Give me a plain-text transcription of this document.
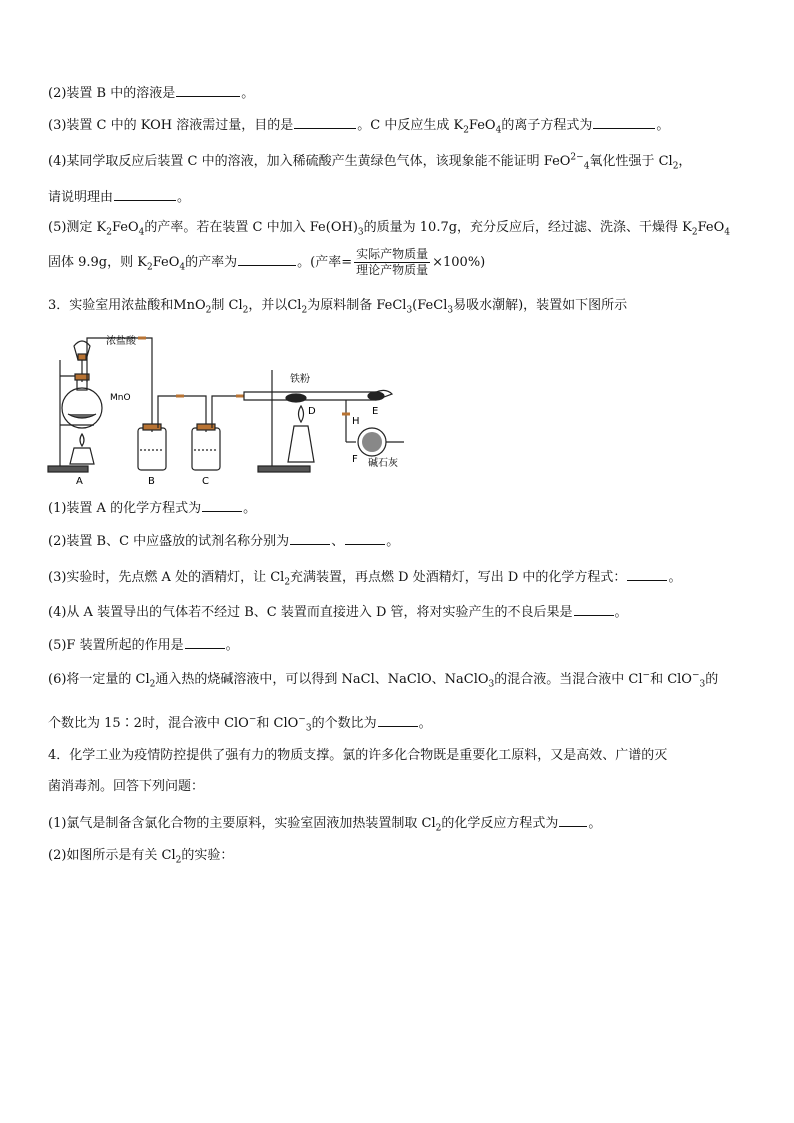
(2)装置 B 中的溶液是	。
(3)装置 C 中的 KOH 溶液需过量，目的是	。C 中反应生成 $K_2FeO_4$的离子方程式为	。
(4)某同学取反应后装置 C 中的溶液，加入稀硫酸产生黄绿色气体，该现象能不能证明 FeO$^{2-}_4$氧化性强于 $Cl_2$，
请说明理由	。
(5)测定 $K_2FeO_4$的产率。若在装置 C 中加入 $Fe(OH)_3$的质量为 10.7g，充分反应后，经过滤、洗涤、干燥得 $K_2FeO_4$
固体 9.9g，则 $K_2FeO_4$的产率为	。(产率= $\frac{\text{实际产物质量}}{\text{理论产物质量}} \times 100\%$)
3．实验室用浓盐酸和MnO$_2$制 $Cl_2$，并以$Cl_2$为原料制备 FeCl$_3$(FeCl$_3$易吸水潮解)，装置如下图所示
浓盐酸
MnO
铁粉
碱石灰
A	B	C
D	E
F
H
(1)装置 A 的化学方程式为	。
(2)装置 B、C 中应盛放的试剂名称分别为	、	。
(3)实验时，先点燃 A 处的酒精灯，让 $Cl_2$充满装置，再点燃 D 处酒精灯，写出 D 中的化学方程式：	。
(4)从 A 装置导出的气体若不经过 B、C 装置而直接进入 D 管，将对实验产生的不良后果是	。
(5)F 装置所起的作用是	。
(6)将一定量的 $Cl_2$通入热的烧碱溶液中，可以得到 NaCl、NaClO、NaClO$_3$的混合液。当混合液中 Cl−和 ClO−$_3$的
个数比为 15∶2时，混合液中 ClO−和 ClO−$_3$的个数比为	。
4．化学工业为疫情防控提供了强有力的物质支撑。氯的许多化合物既是重要化工原料，又是高效、广谱的灭
菌消毒剂。回答下列问题：
(1)氯气是制备含氯化合物的主要原料，实验室固液加热装置制取 $Cl_2$的化学反应方程式为 。
(2)如图所示是有关 $Cl_2$的实验：
